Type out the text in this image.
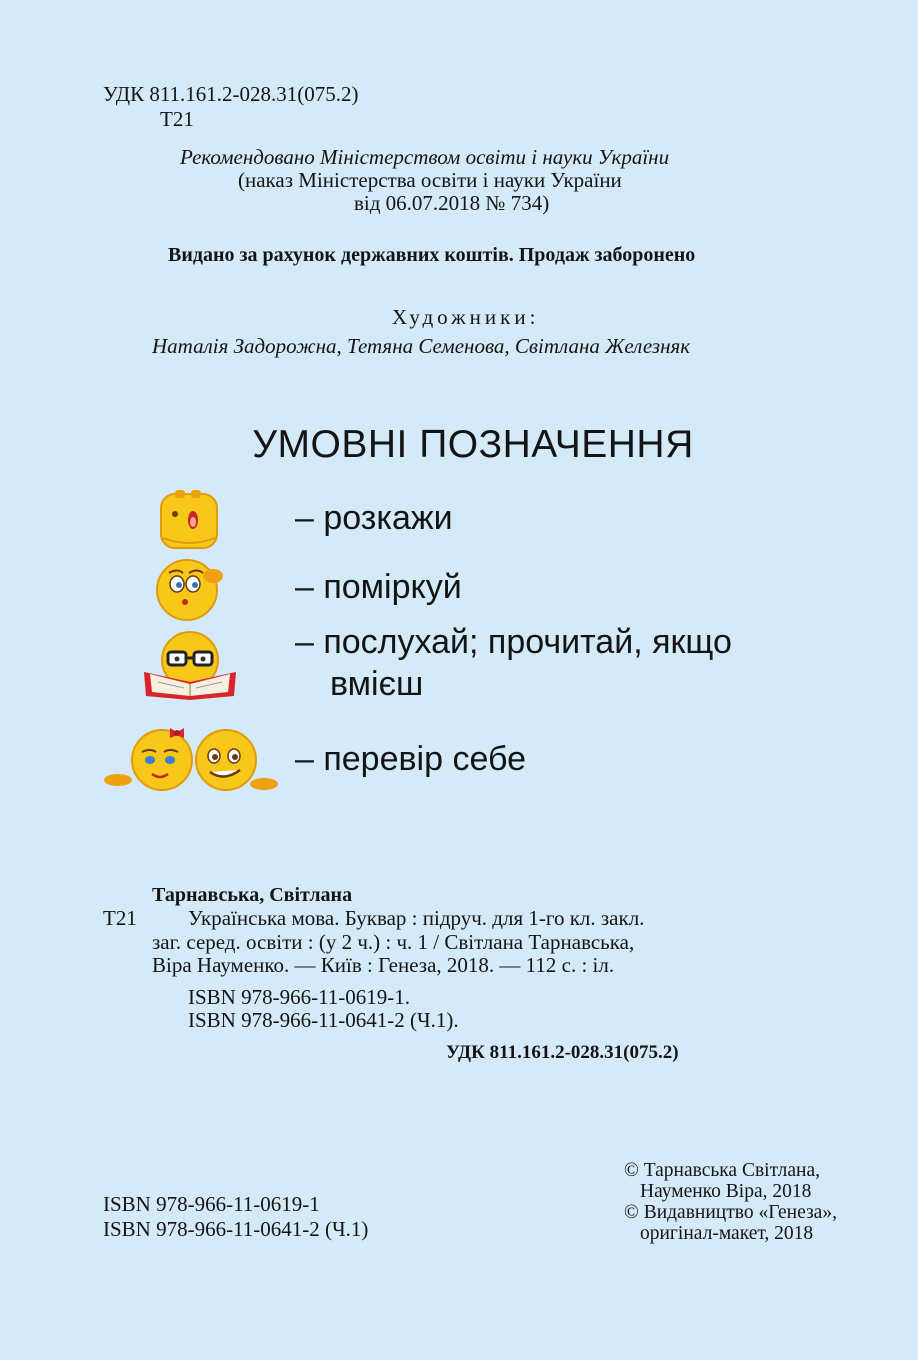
УДК 811.161.2-028.31(075.2)
Т21
Рекомендовано Міністерством освіти і науки України
(наказ Міністерства освіти і науки України
від 06.07.2018 № 734)
Видано за рахунок державних коштів. Продаж заборонено
Художники:
Наталія Задорожна, Тетяна Семенова, Світлана Железняк
УМОВНІ ПОЗНАЧЕННЯ
– розкажи
– поміркуй
– послухай; прочитай, якщо
вмієш
– перевір себе
Тарнавська, Світлана
Т21 Українська мова. Буквар : підруч. для 1-го кл. закл.
заг. серед. освіти : (у 2 ч.) : ч. 1 / Світлана Тарнавська,
Віра Науменко. — Київ : Генеза, 2018. — 112 с. : іл.
ISBN 978-966-11-0619-1.
ISBN 978-966-11-0641-2 (Ч.1).
УДК 811.161.2-028.31(075.2)
ISBN 978-966-11-0619-1
ISBN 978-966-11-0641-2 (Ч.1)
© Тарнавська Світлана,
Науменко Віра, 2018
© Видавництво «Генеза»,
оригінал-макет, 2018
